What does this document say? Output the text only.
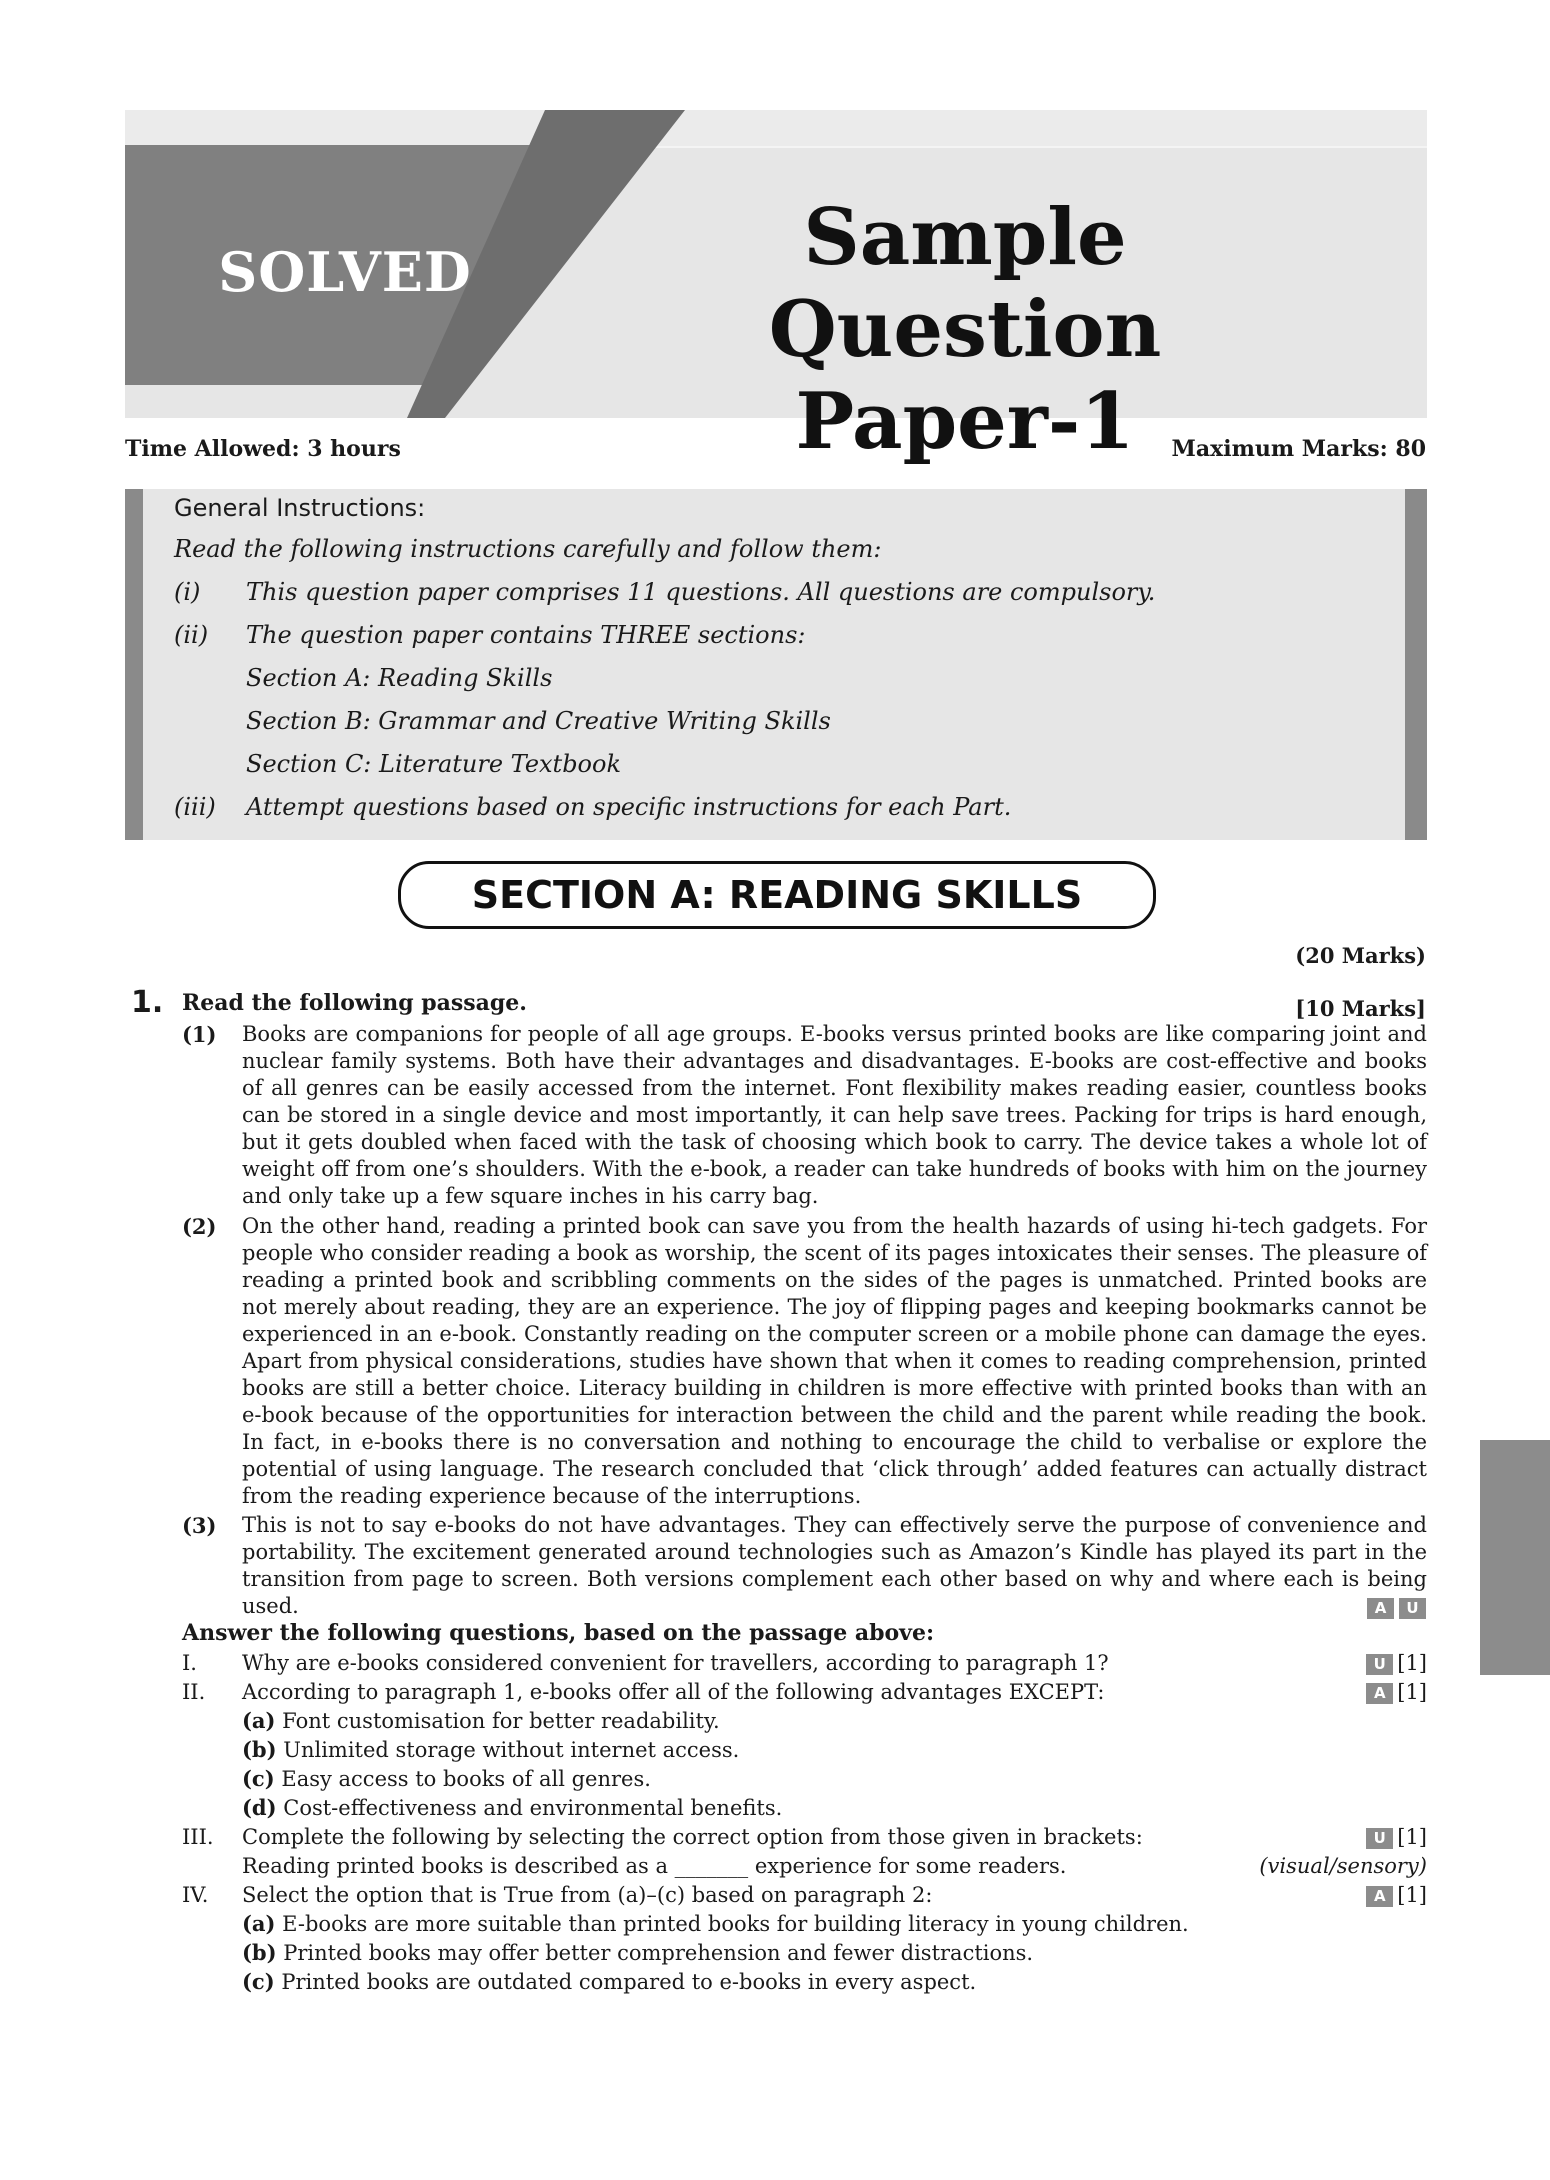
SOLVED	Sample Question
Paper-1
Time Allowed: 3 hours	Maximum Marks: 80
General Instructions:
Read the following instructions carefully and follow them:
(i) This question paper comprises 11 questions. All questions are compulsory.
(ii) The question paper contains THREE sections:
Section A: Reading Skills
Section B: Grammar and Creative Writing Skills
Section C: Literature Textbook
(iii) Attempt questions based on specific instructions for each Part.
SECTION A: READING SKILLS
(20 Marks)
1. Read the following passage.	[10 Marks]
(1) Books are companions for people of all age groups. E-books versus printed books are like comparing joint and nuclear family systems. Both have their advantages and disadvantages. E-books are cost-effective and books of all genres can be easily accessed from the internet. Font flexibility makes reading easier, countless books can be stored in a single device and most importantly, it can help save trees. Packing for trips is hard enough, but it gets doubled when faced with the task of choosing which book to carry. The device takes a whole lot of weight off from one’s shoulders. With the e-book, a reader can take hundreds of books with him on the journey and only take up a few square inches in his carry bag.
(2) On the other hand, reading a printed book can save you from the health hazards of using hi-tech gadgets. For people who consider reading a book as worship, the scent of its pages intoxicates their senses. The pleasure of reading a printed book and scribbling comments on the sides of the pages is unmatched. Printed books are not merely about reading, they are an experience. The joy of flipping pages and keeping bookmarks cannot be experienced in an e-book. Constantly reading on the computer screen or a mobile phone can damage the eyes. Apart from physical considerations, studies have shown that when it comes to reading comprehension, printed books are still a better choice. Literacy building in children is more effective with printed books than with an e-book because of the opportunities for interaction between the child and the parent while reading the book. In fact, in e-books there is no conversation and nothing to encourage the child to verbalise or explore the potential of using language. The research concluded that ‘click through’ added features can actually distract from the reading experience because of the interruptions.
(3) This is not to say e-books do not have advantages. They can effectively serve the purpose of convenience and portability. The excitement generated around technologies such as Amazon’s Kindle has played its part in the transition from page to screen. Both versions complement each other based on why and where each is being used.	A U
Answer the following questions, based on the passage above:
I. Why are e-books considered convenient for travellers, according to paragraph 1?	U [1]
II. According to paragraph 1, e-books offer all of the following advantages EXCEPT:	A [1]
(a) Font customisation for better readability.
(b) Unlimited storage without internet access.
(c) Easy access to books of all genres.
(d) Cost-effectiveness and environmental benefits.
III. Complete the following by selecting the correct option from those given in brackets:	U [1]
Reading printed books is described as a _______ experience for some readers.	(visual/sensory)
IV. Select the option that is True from (a)–(c) based on paragraph 2:	A [1]
(a) E-books are more suitable than printed books for building literacy in young children.
(b) Printed books may offer better comprehension and fewer distractions.
(c) Printed books are outdated compared to e-books in every aspect.
